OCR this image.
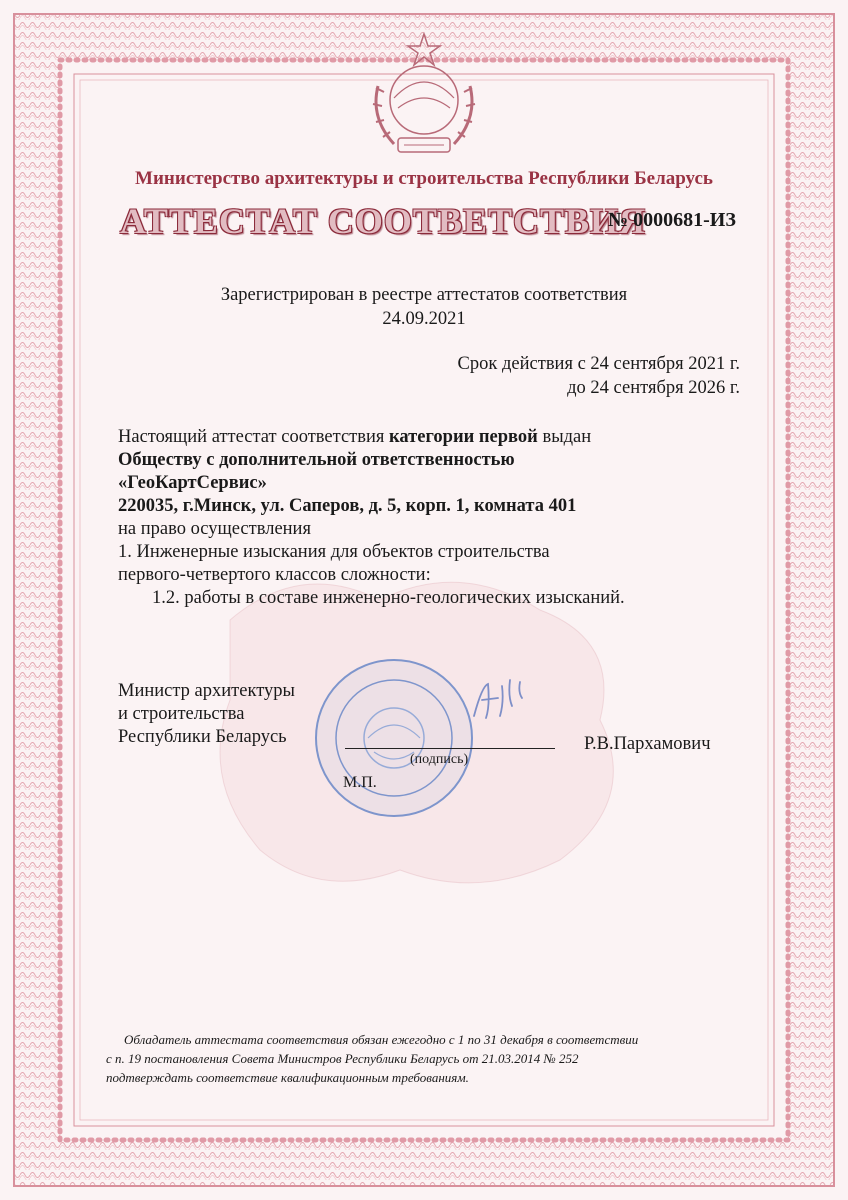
Министерство архитектуры и строительства Республики Беларусь
АТТЕСТАТ СООТВЕТСТВИЯ
№ 0000681-ИЗ
Зарегистрирован в реестре аттестатов соответствия
24.09.2021
Срок действия с 24 сентября 2021 г.
до 24 сентября 2026 г.
Настоящий аттестат соответствия категории первой выдан
Обществу с дополнительной ответственностью
«ГеоКартСервис»
220035, г.Минск, ул. Саперов, д. 5, корп. 1, комната 401
на право осуществления
1. Инженерные изыскания для объектов строительства
первого-четвертого классов сложности:
1.2. работы в составе инженерно-геологических изысканий.
Министр архитектуры
и строительства
Республики Беларусь
(подпись)
Р.В.Пархамович
М.П.

Обладатель аттестата соответствия обязан ежегодно с 1 по 31 декабря в соответствии

с п. 19 постановления Совета Министров Республики Беларусь от 21.03.2014 № 252

подтверждать соответствие квалификационным требованиям.
